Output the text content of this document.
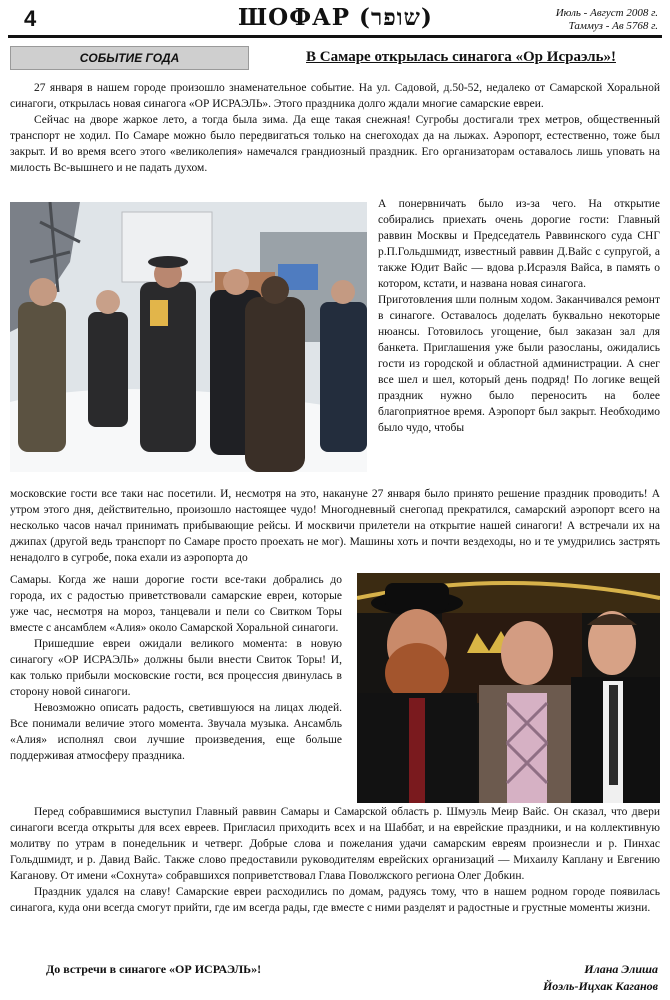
4	ШОФАР (שופר)	Июль - Август 2008 г.
Таммуз - Ав 5768 г.
СОБЫТИЕ ГОДА	В Самаре открылась синагога «Ор Исраэль»!

27 января в нашем городе произошло знаменательное событие. На ул. Садовой, д.50-52, недалеко от Самарской Хоральной синагоги, открылась новая синагога «ОР ИСРАЭЛЬ». Этого праздника долго ждали многие самарские евреи.

Сейчас на дворе жаркое лето, а тогда была зима. Да еще такая снежная! Сугробы достигали трех метров, общественный транспорт не ходил. По Самаре можно было передвигаться только на снегоходах да на лыжах. Аэропорт, естественно, тоже был закрыт. И во время всего этого «великолепия» намечался грандиозный праздник. Его организаторам оставалось лишь уповать на милость Вс-вышнего и не падать духом.

А понервничать было из-за чего. На открытие собирались приехать очень дорогие гости: Главный раввин Москвы и Председатель Раввинского суда СНГ р.П.Гольдшмидт, известный раввин Д.Вайс с супругой, а также Юдит Вайс — вдова р.Исраэля Вайса, в память о котором, кстати, и названа новая синагога.

Приготовления шли полным ходом. Заканчивался ремонт в синагоге. Оставалось доделать буквально некоторые нюансы. Готовилось угощение, был заказан зал для банкета. Приглашения уже были разосланы, ожидались гости из городской и областной администрации. А снег все шел и шел, который день подряд! По логике вещей праздник нужно было переносить на более благоприятное время. Аэропорт был закрыт. Необходимо было чудо, чтобы

московские гости все таки нас посетили. И, несмотря на это, накануне 27 января было принято решение праздник проводить! А утром этого дня, действительно, произошло настоящее чудо! Многодневный снегопад прекратился, самарский аэропорт всего на несколько часов начал принимать прибывающие рейсы. И москвичи прилетели на открытие нашей синагоги! А встречали их на джипах (другой ведь транспорт по Самаре просто проехать не мог). Машины хоть и почти вездеходы, но и те умудрились застрять ненадолго в сугробе, пока ехали из аэропорта до

Самары. Когда же наши дорогие гости все-таки добрались до города, их с радостью приветствовали самарские евреи, которые уже час, несмотря на мороз, танцевали и пели со Свитком Торы вместе с ансамблем «Алия» около Самарской Хоральной синагоги.

Пришедшие евреи ожидали великого момента: в новую синагогу «ОР ИСРАЭЛЬ» должны были внести Свиток Торы! И, как только прибыли московские гости, вся процессия двинулась в сторону новой синагоги.

Невозможно описать радость, светившуюся на лицах людей. Все понимали величие этого момента. Звучала музыка. Ансамбль «Алия» исполнял свои лучшие произведения, еще больше поддерживая атмосферу праздника.

Перед собравшимися выступил Главный раввин Самары и Самарской область р. Шмуэль Меир Вайс. Он сказал, что двери синагоги всегда открыты для всех евреев. Пригласил приходить всех и на Шаббат, и на еврейские праздники, и на коллективную молитву по утрам в понедельник и четверг. Добрые слова и пожелания удачи самарским евреям произнесли и р. Пинхас Гольдшмидт, и р. Давид Вайс. Также слово предоставили руководителям еврейских организаций — Михаилу Каплану и Евгению Кагановy. От имени «Сохнута» собравшихся поприветствовал Глава Поволжского региона Олег Добкин.

Праздник удался на славу! Самарские евреи расходились по домам, радуясь тому, что в нашем родном городе появилась синагога, куда они всегда смогут прийти, где им всегда рады, где вместе с ними разделят и радостные и грустные моменты жизни.

До встречи в синагоге «ОР ИСРАЭЛЬ»!	Илана Элиша
Йоэль-Ицхак Каганов
